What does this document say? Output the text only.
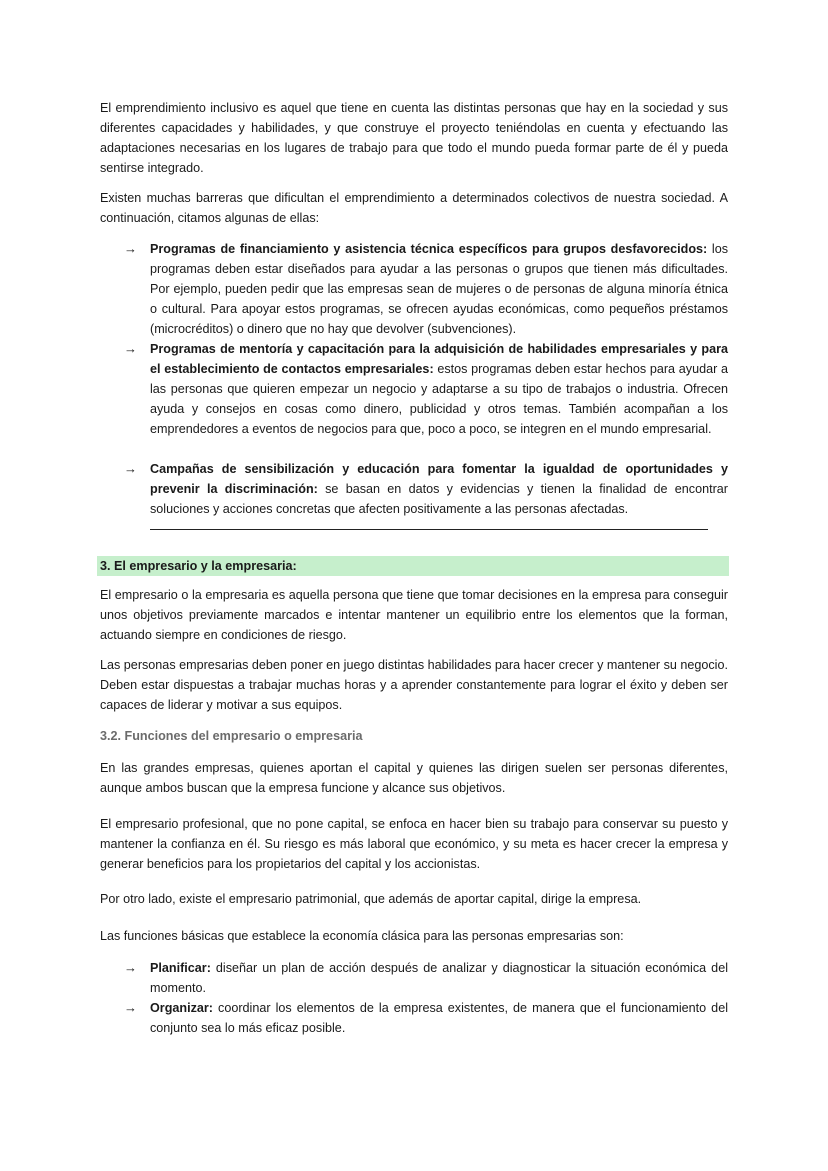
El emprendimiento inclusivo es aquel que tiene en cuenta las distintas personas que hay en la sociedad y sus diferentes capacidades y habilidades, y que construye el proyecto teniéndolas en cuenta y efectuando las adaptaciones necesarias en los lugares de trabajo para que todo el mundo pueda formar parte de él y pueda sentirse integrado.

Existen muchas barreras que dificultan el emprendimiento a determinados colectivos de nuestra sociedad. A continuación, citamos algunas de ellas:

→ Programas de financiamiento y asistencia técnica específicos para grupos desfavorecidos: los programas deben estar diseñados para ayudar a las personas o grupos que tienen más dificultades. Por ejemplo, pueden pedir que las empresas sean de mujeres o de personas de alguna minoría étnica o cultural. Para apoyar estos programas, se ofrecen ayudas económicas, como pequeños préstamos (microcréditos) o dinero que no hay que devolver (subvenciones).

→ Programas de mentoría y capacitación para la adquisición de habilidades empresariales y para el establecimiento de contactos empresariales: estos programas deben estar hechos para ayudar a las personas que quieren empezar un negocio y adaptarse a su tipo de trabajos o industria. Ofrecen ayuda y consejos en cosas como dinero, publicidad y otros temas. También acompañan a los emprendedores a eventos de negocios para que, poco a poco, se integren en el mundo empresarial.

→ Campañas de sensibilización y educación para fomentar la igualdad de oportunidades y prevenir la discriminación: se basan en datos y evidencias y tienen la finalidad de encontrar soluciones y acciones concretas que afecten positivamente a las personas afectadas.

3. El empresario y la empresaria:

El empresario o la empresaria es aquella persona que tiene que tomar decisiones en la empresa para conseguir unos objetivos previamente marcados e intentar mantener un equilibrio entre los elementos que la forman, actuando siempre en condiciones de riesgo.

Las personas empresarias deben poner en juego distintas habilidades para hacer crecer y mantener su negocio. Deben estar dispuestas a trabajar muchas horas y a aprender constantemente para lograr el éxito y deben ser capaces de liderar y motivar a sus equipos.

3.2. Funciones del empresario o empresaria

En las grandes empresas, quienes aportan el capital y quienes las dirigen suelen ser personas diferentes, aunque ambos buscan que la empresa funcione y alcance sus objetivos.

El empresario profesional, que no pone capital, se enfoca en hacer bien su trabajo para conservar su puesto y mantener la confianza en él. Su riesgo es más laboral que económico, y su meta es hacer crecer la empresa y generar beneficios para los propietarios del capital y los accionistas.

Por otro lado, existe el empresario patrimonial, que además de aportar capital, dirige la empresa.

Las funciones básicas que establece la economía clásica para las personas empresarias son:

→ Planificar: diseñar un plan de acción después de analizar y diagnosticar la situación económica del momento.

→ Organizar: coordinar los elementos de la empresa existentes, de manera que el funcionamiento del conjunto sea lo más eficaz posible.
